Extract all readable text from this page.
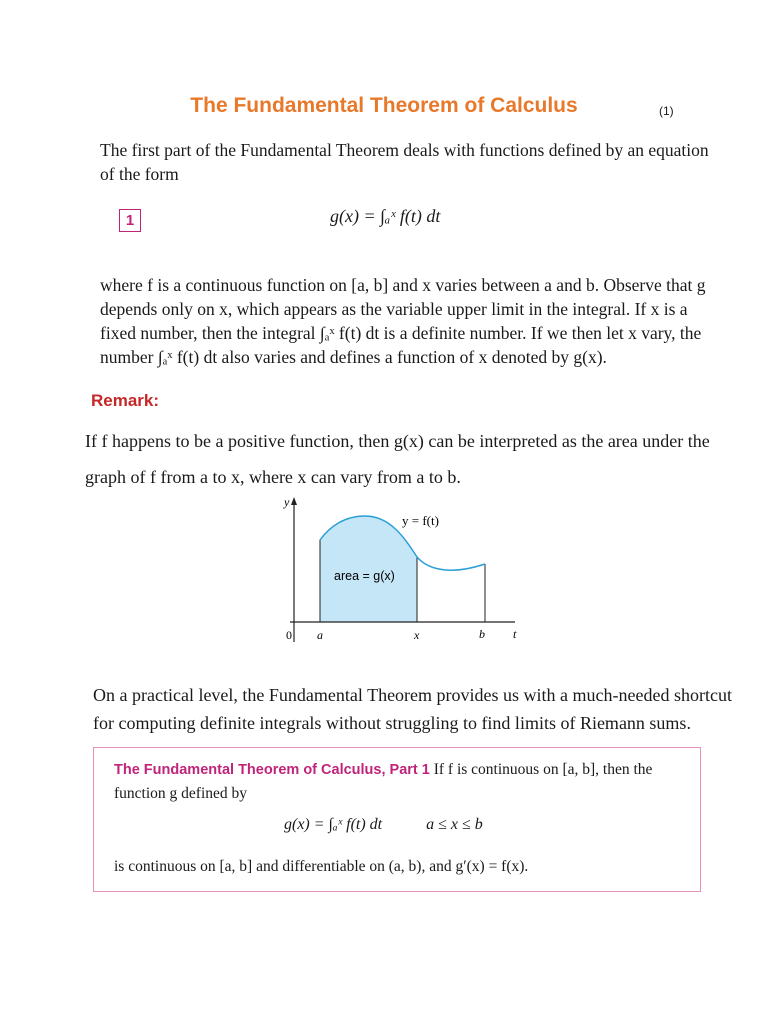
The Fundamental Theorem of Calculus	(1)
The first part of the Fundamental Theorem deals with functions defined by an equation of the form
1	g(x) = ∫ₐˣ f(t) dt
where f is a continuous function on [a, b] and x varies between a and b. Observe that g depends only on x, which appears as the variable upper limit in the integral. If x is a fixed number, then the integral ∫ₐˣ f(t) dt is a definite number. If we then let x vary, the number ∫ₐˣ f(t) dt also varies and defines a function of x denoted by g(x).
Remark:
If f happens to be a positive function, then g(x) can be interpreted as the area under the graph of f from a to x, where x can vary from a to b.
y
0 a	x	b t
y = f(t)
area = g(x)
On a practical level, the Fundamental Theorem provides us with a much-needed shortcut for computing definite integrals without struggling to find limits of Riemann sums.
The Fundamental Theorem of Calculus, Part 1 If f is continuous on [a, b], then the function g defined by
g(x) = ∫ₐˣ f(t) dt	a ≤ x ≤ b
is continuous on [a, b] and differentiable on (a, b), and g′(x) = f(x).
